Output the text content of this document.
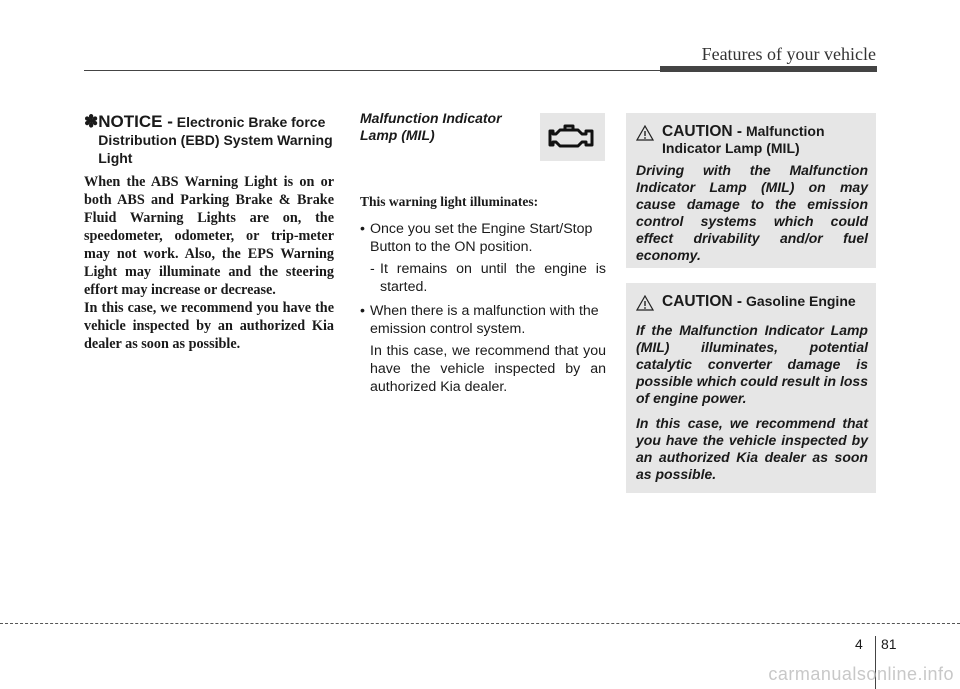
Features of your vehicle
✽ NOTICE - Electronic Brake force Distribution (EBD) System Warning Light

When the ABS Warning Light is on or both ABS and Parking Brake & Brake Fluid Warning Lights are on, the speedometer, odometer, or trip-meter may not work. Also, the EPS Warning Light may illuminate and the steering effort may increase or decrease.

In this case, we recommend you have the vehicle inspected by an authorized Kia dealer as soon as possible.

Malfunction Indicator Lamp (MIL)
This warning light illuminates:
• Once you set the Engine Start/Stop Button to the ON position.
- It remains on until the engine is started.
• When there is a malfunction with the emission control system.
In this case, we recommend that you have the vehicle inspected by an authorized Kia dealer.
CAUTION - Malfunction Indicator Lamp (MIL)

Driving with the Malfunction Indicator Lamp (MIL) on may cause damage to the emission control systems which could effect drivability and/or fuel economy.

CAUTION - Gasoline Engine

If the Malfunction Indicator Lamp (MIL) illuminates, potential catalytic converter damage is possible which could result in loss of engine power.

In this case, we recommend that you have the vehicle inspected by an authorized Kia dealer as soon as possible.

4 81
carmanualsonline.info
